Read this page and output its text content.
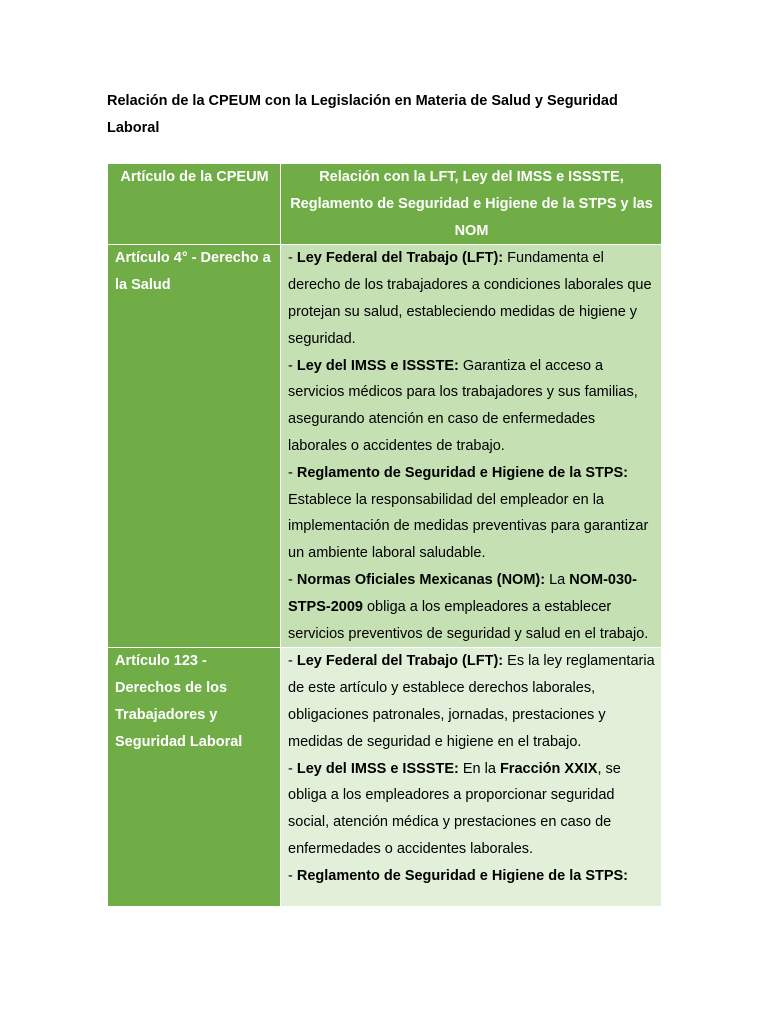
Relación de la CPEUM con la Legislación en Materia de Salud y Seguridad Laboral
Artículo de la CPEUM	Relación con la LFT, Ley del IMSS e ISSSTE, Reglamento de Seguridad e Higiene de la STPS y las NOM
Artículo 4° - Derecho a la Salud	- Ley Federal del Trabajo (LFT): Fundamenta el derecho de los trabajadores a condiciones laborales que protejan su salud, estableciendo medidas de higiene y seguridad.
- Ley del IMSS e ISSSTE: Garantiza el acceso a servicios médicos para los trabajadores y sus familias, asegurando atención en caso de enfermedades laborales o accidentes de trabajo.
- Reglamento de Seguridad e Higiene de la STPS: Establece la responsabilidad del empleador en la implementación de medidas preventivas para garantizar un ambiente laboral saludable.
- Normas Oficiales Mexicanas (NOM): La NOM-030-STPS-2009 obliga a los empleadores a establecer servicios preventivos de seguridad y salud en el trabajo.

Artículo 123 - Derechos de los Trabajadores y Seguridad Laboral	- Ley Federal del Trabajo (LFT): Es la ley reglamentaria de este artículo y establece derechos laborales, obligaciones patronales, jornadas, prestaciones y medidas de seguridad e higiene en el trabajo.
- Ley del IMSS e ISSSTE: En la Fracción XXIX, se obliga a los empleadores a proporcionar seguridad social, atención médica y prestaciones en caso de enfermedades o accidentes laborales.
- Reglamento de Seguridad e Higiene de la STPS:
